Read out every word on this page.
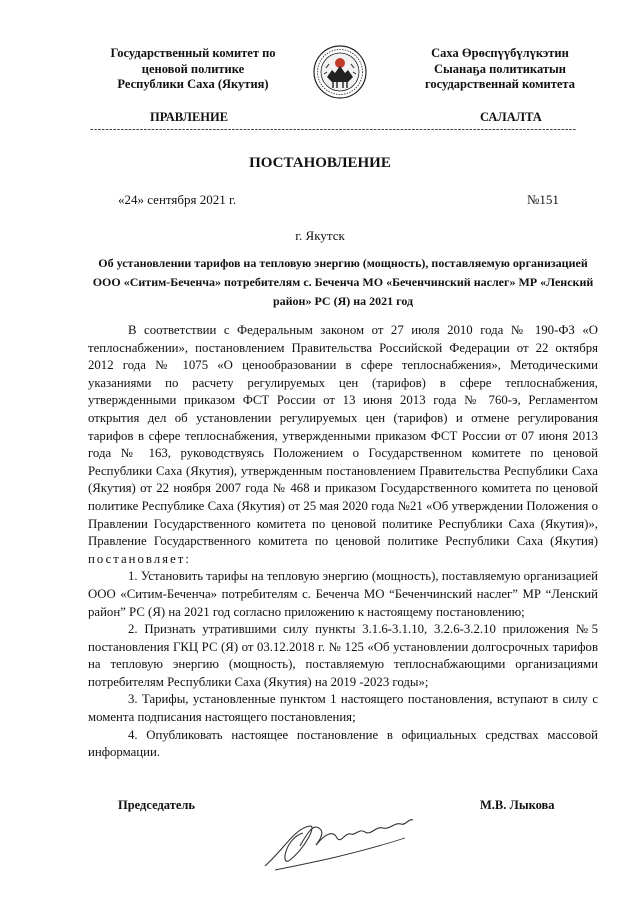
Государственный комитет по
ценовой политике
Республики Саха (Якутия)
Саха Өрөспүүбүлүкэтин
Сыанаҕа политикатын
государственнай комитета
ПРАВЛЕНИЕ	САЛАЛТА
-------------------------------------------------------------------------------------------------------------------------------
ПОСТАНОВЛЕНИЕ
«24» сентября 2021 г.	№151
г. Якутск
Об установлении тарифов на тепловую энергию (мощность), поставляемую организацией ООО «Ситим-Беченча» потребителям с. Беченча МО «Беченчинский наслег» МР «Ленский район» РС (Я) на 2021 год

В соответствии с Федеральным законом от 27 июля 2010 года № 190-ФЗ «О теплоснабжении», постановлением Правительства Российской Федерации от 22 октября 2012 года № 1075 «О ценообразовании в сфере теплоснабжения», Методическими указаниями по расчету регулируемых цен (тарифов) в сфере теплоснабжения, утвержденными приказом ФСТ России от 13 июня 2013 года № 760-э, Регламентом открытия дел об установлении регулируемых цен (тарифов) и отмене регулирования тарифов в сфере теплоснабжения, утвержденными приказом ФСТ России от 07 июня 2013 года № 163, руководствуясь Положением о Государственном комитете по ценовой Республики Саха (Якутия), утвержденным постановлением Правительства Республики Саха (Якутия) от 22 ноября 2007 года № 468 и приказом Государственного комитета по ценовой политике Республике Саха (Якутия) от 25 мая 2020 года №21 «Об утверждении Положения о Правлении Государственного комитета по ценовой политике Республики Саха (Якутия)», Правление Государственного комитета по ценовой политике Республики Саха (Якутия) постановляет:

1. Установить тарифы на тепловую энергию (мощность), поставляемую организацией ООО «Ситим-Беченча» потребителям с. Беченча МО “Беченчинский наслег” МР “Ленский район” РС (Я) на 2021 год согласно приложению к настоящему постановлению;

2. Признать утратившими силу пункты 3.1.6-3.1.10, 3.2.6-3.2.10 приложения №5 постановления ГКЦ РС (Я) от 03.12.2018 г. № 125 «Об установлении долгосрочных тарифов на тепловую энергию (мощность), поставляемую теплоснабжающими организациями потребителям Республики Саха (Якутия) на 2019 -2023 годы»;

3. Тарифы, установленные пунктом 1 настоящего постановления, вступают в силу с момента подписания настоящего постановления;

4. Опубликовать настоящее постановление в официальных средствах массовой информации.

Председатель	М.В. Лыкова
